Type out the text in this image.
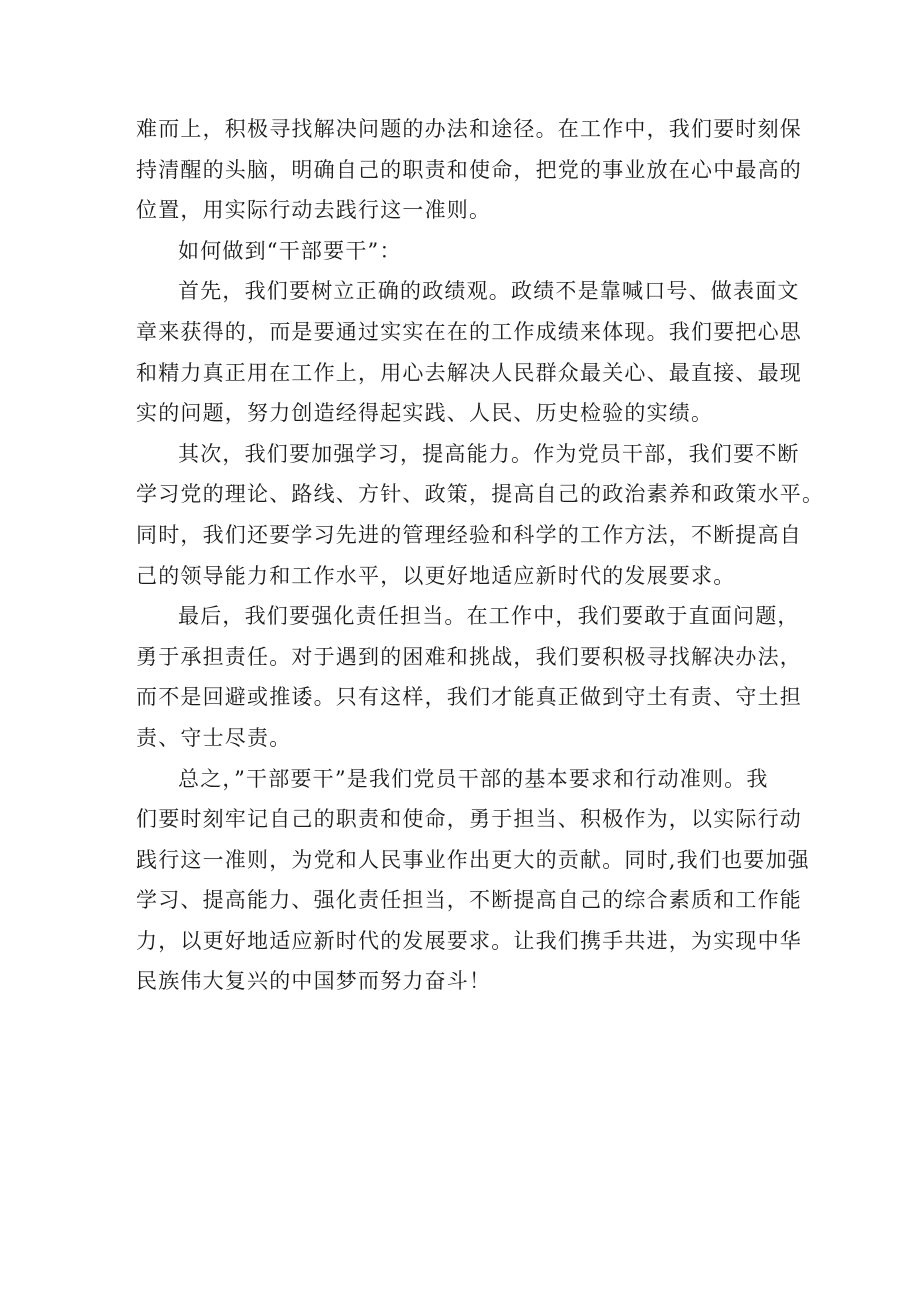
难而上，积极寻找解决问题的办法和途径。在工作中，我们要时刻保
持清醒的头脑，明确自己的职责和使命，把党的事业放在心中最高的
位置，用实际行动去践行这一准则。
如何做到“干部要干”：
首先，我们要树立正确的政绩观。政绩不是靠喊口号、做表面文
章来获得的，而是要通过实实在在的工作成绩来体现。我们要把心思
和精力真正用在工作上，用心去解决人民群众最关心、最直接、最现
实的问题，努力创造经得起实践、人民、历史检验的实绩。
其次，我们要加强学习，提高能力。作为党员干部，我们要不断
学习党的理论、路线、方针、政策，提高自己的政治素养和政策水平。
同时，我们还要学习先进的管理经验和科学的工作方法，不断提高自
己的领导能力和工作水平，以更好地适应新时代的发展要求。
最后，我们要强化责任担当。在工作中，我们要敢于直面问题，
勇于承担责任。对于遇到的困难和挑战，我们要积极寻找解决办法，
而不是回避或推诿。只有这样，我们才能真正做到守土有责、守土担
责、守士尽责。
总之，”干部要干”是我们党员干部的基本要求和行动准则。我
们要时刻牢记自己的职责和使命，勇于担当、积极作为，以实际行动
践行这一准则，为党和人民事业作出更大的贡献。同时,我们也要加强
学习、提高能力、强化责任担当，不断提高自己的综合素质和工作能
力，以更好地适应新时代的发展要求。让我们携手共进，为实现中华
民族伟大复兴的中国梦而努力奋斗！
